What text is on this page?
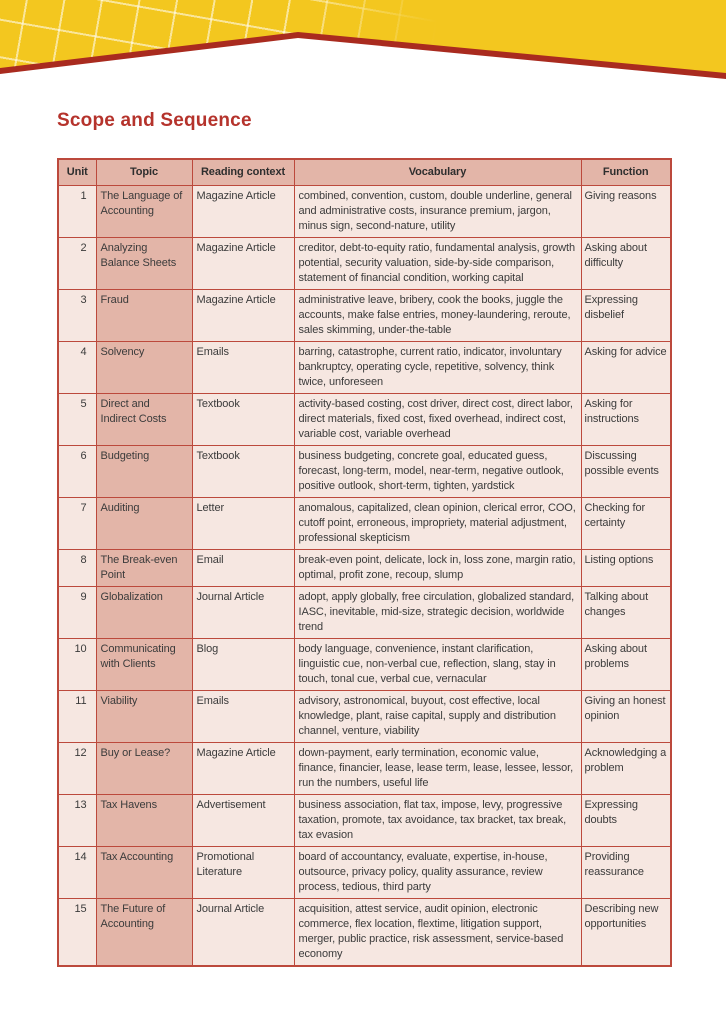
Scope and Sequence
Unit	Topic	Reading context	Vocabulary	Function
1	The Language of Accounting	Magazine Article	combined, convention, custom, double underline, general and administrative costs, insurance premium, jargon, minus sign, second-nature, utility	Giving reasons
2	Analyzing Balance Sheets	Magazine Article	creditor, debt-to-equity ratio, fundamental analysis, growth potential, security valuation, side-by-side comparison, statement of financial condition, working capital	Asking about difficulty
3	Fraud	Magazine Article	administrative leave, bribery, cook the books, juggle the accounts, make false entries, money-laundering, reroute, sales skimming, under-the-table	Expressing disbelief
4	Solvency	Emails	barring, catastrophe, current ratio, indicator, involuntary bankruptcy, operating cycle, repetitive, solvency, think twice, unforeseen	Asking for advice
5	Direct and Indirect Costs	Textbook	activity-based costing, cost driver, direct cost, direct labor, direct materials, fixed cost, fixed overhead, indirect cost, variable cost, variable overhead	Asking for instructions
6	Budgeting	Textbook	business budgeting, concrete goal, educated guess, forecast, long-term, model, near-term, negative outlook, positive outlook, short-term, tighten, yardstick	Discussing possible events
7	Auditing	Letter	anomalous, capitalized, clean opinion, clerical error, COO, cutoff point, erroneous, impropriety, material adjustment, professional skepticism	Checking for certainty
8	The Break-even Point	Email	break-even point, delicate, lock in, loss zone, margin ratio, optimal, profit zone, recoup, slump	Listing options
9	Globalization	Journal Article	adopt, apply globally, free circulation, globalized standard, IASC, inevitable, mid-size, strategic decision, worldwide trend	Talking about changes
10	Communicating with Clients	Blog	body language, convenience, instant clarification, linguistic cue, non-verbal cue, reflection, slang, stay in touch, tonal cue, verbal cue, vernacular	Asking about problems
11	Viability	Emails	advisory, astronomical, buyout, cost effective, local knowledge, plant, raise capital, supply and distribution channel, venture, viability	Giving an honest opinion
12	Buy or Lease?	Magazine Article	down-payment, early termination, economic value, finance, financier, lease, lease term, lease, lessee, lessor, run the numbers, useful life	Acknowledging a problem
13	Tax Havens	Advertisement	business association, flat tax, impose, levy, progressive taxation, promote, tax avoidance, tax bracket, tax break, tax evasion	Expressing doubts
14	Tax Accounting	Promotional Literature	board of accountancy, evaluate, expertise, in-house, outsource, privacy policy, quality assurance, review process, tedious, third party	Providing reassurance
15	The Future of Accounting	Journal Article	acquisition, attest service, audit opinion, electronic commerce, flex location, flextime, litigation support, merger, public practice, risk assessment, service-based economy	Describing new opportunities
